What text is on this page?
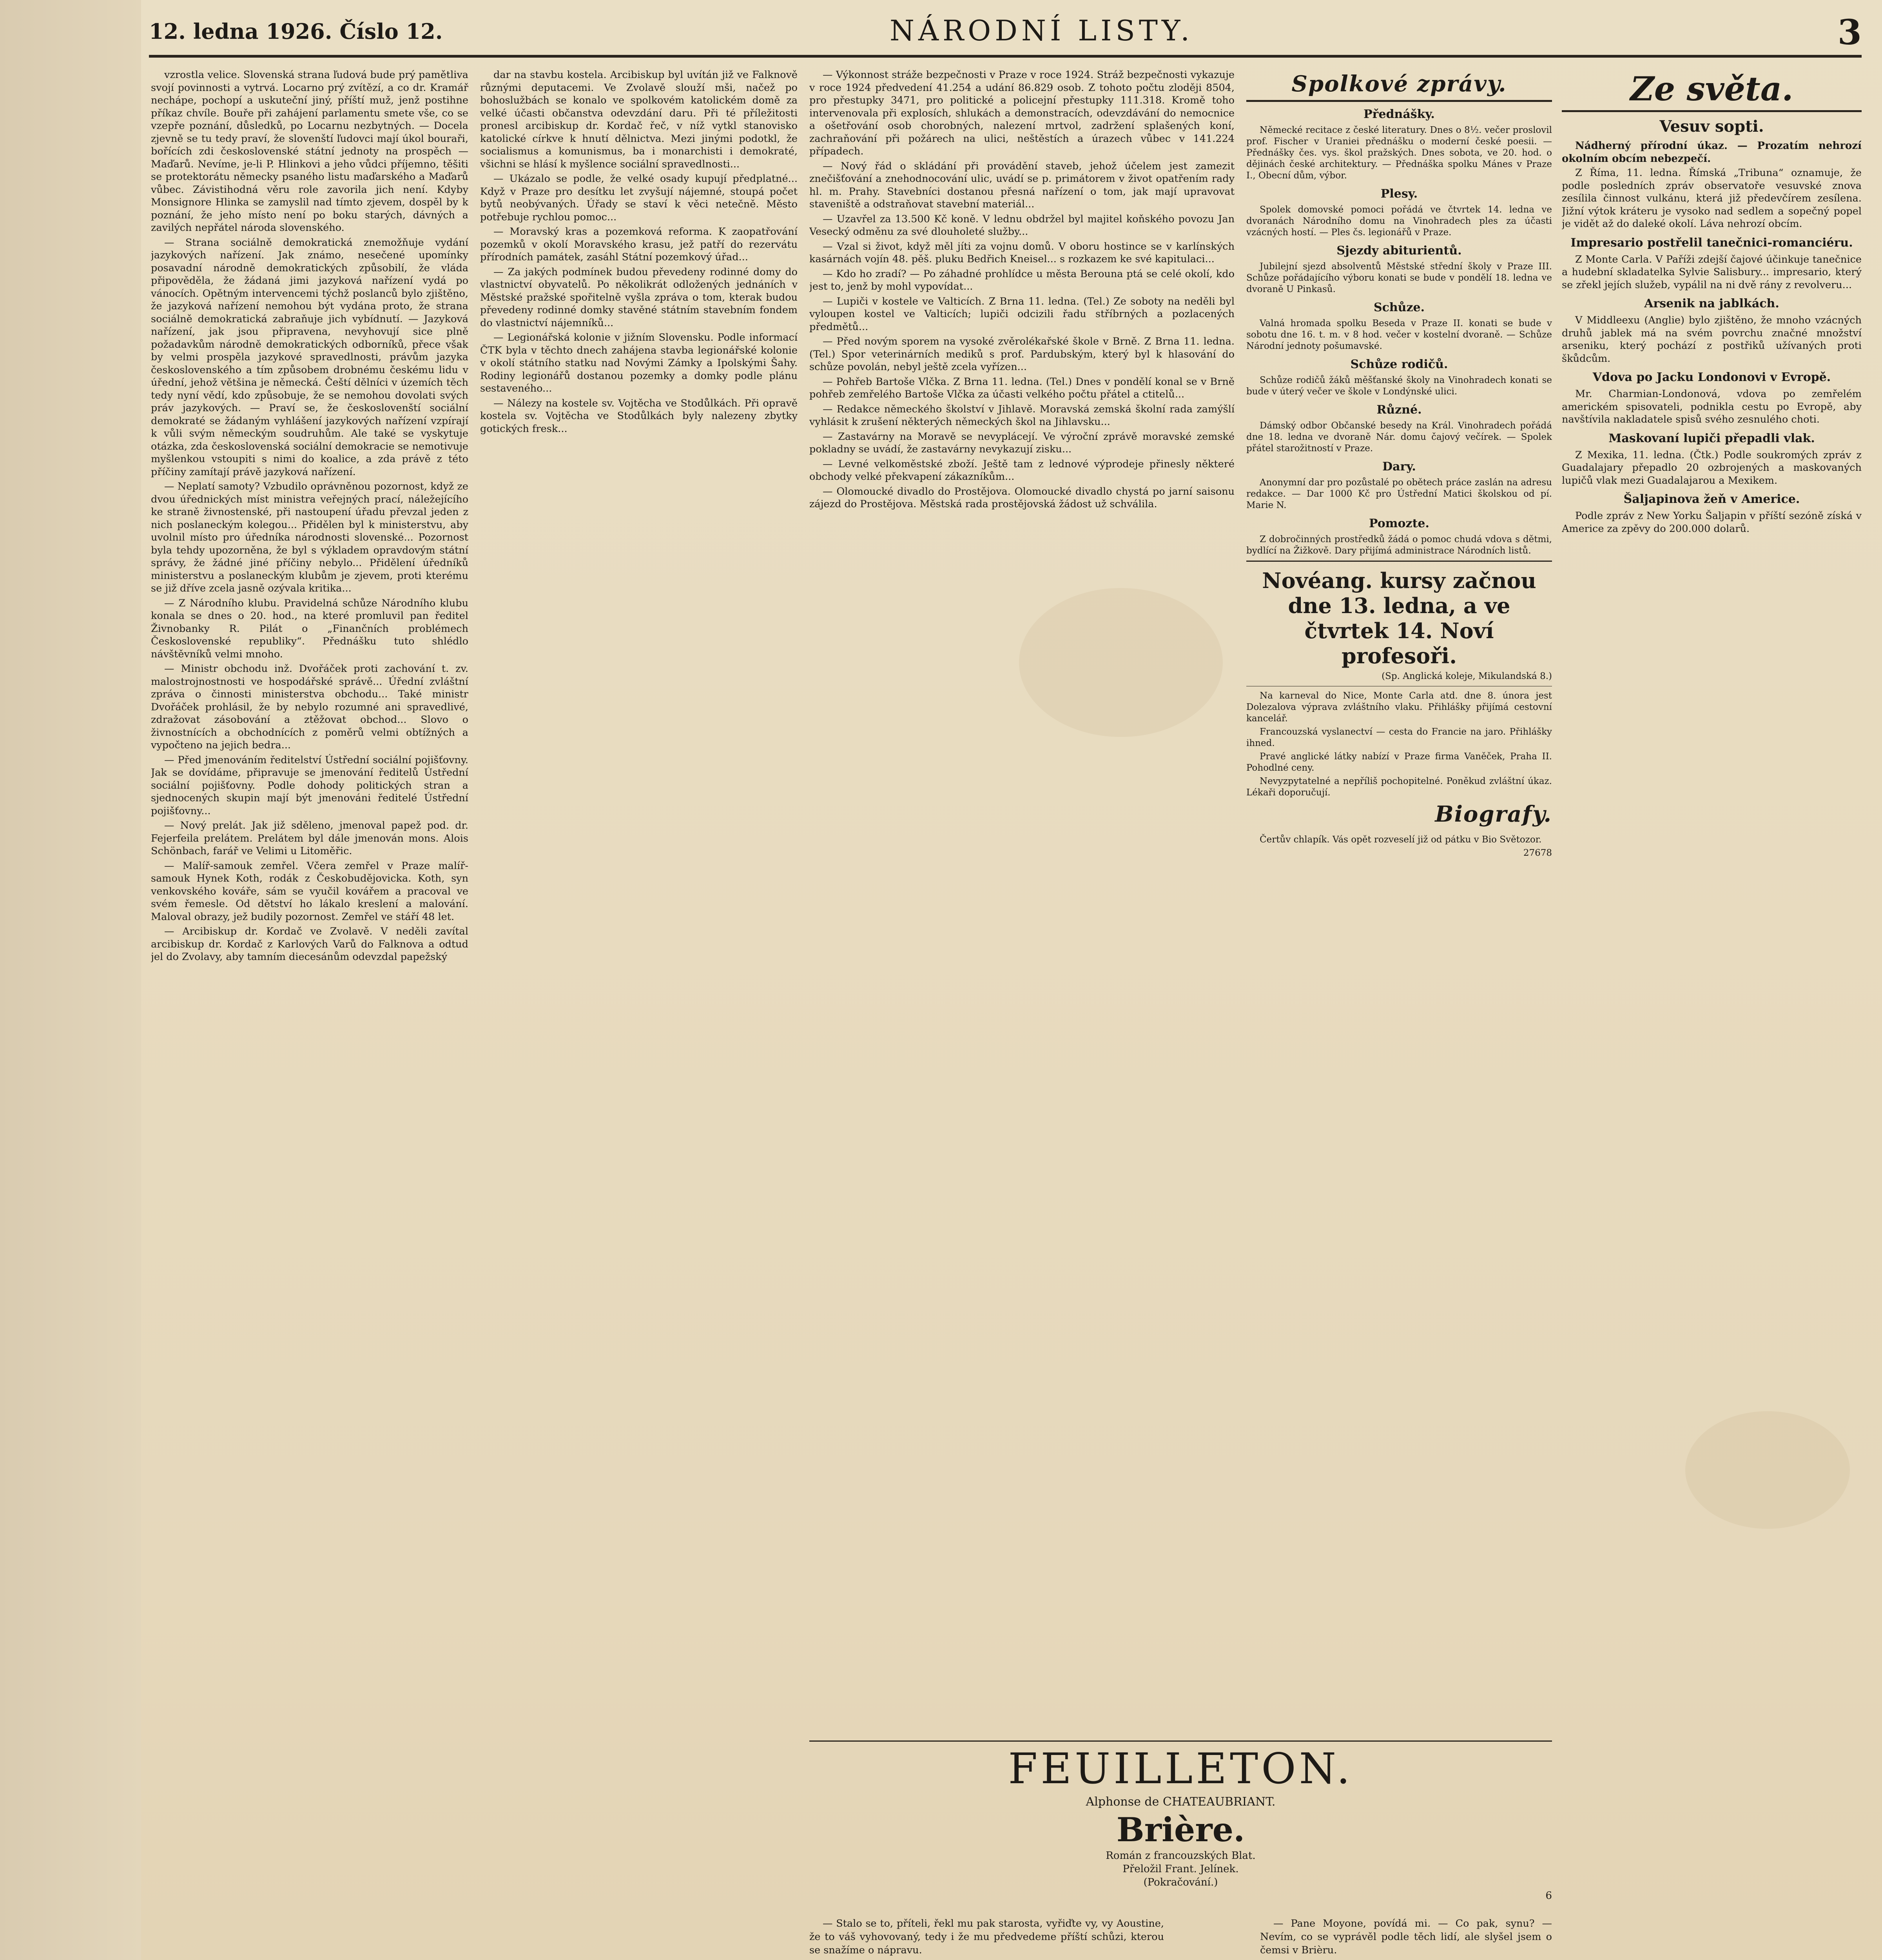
12. ledna 1926. Číslo 12.	NÁRODNÍ LISTY.	3

vzrostla velice. Slovenská strana ľudová bude prý pamětliva svojí povinnosti a vytrvá. Locarno prý zvítězí, a co dr. Kramář nechápe, pochopí a uskuteční jiný, příští muž, jenž postihne příkaz chvíle. Bouře při zahájení parlamentu smete vše, co se vzepře poznání, důsledků, po Locarnu nezbytných. — Docela zjevně se tu tedy praví, že slovenští ľudovci mají úkol bouraři, bořících zdi československé státní jednoty na prospěch — Maďarů. Nevíme, je-li P. Hlinkovi a jeho vůdci příjemno, těšiti se protektorátu německy psaného listu maďarského a Maďarů vůbec. Závistihodná věru role zavorila jich není. Kdyby Monsignore Hlinka se zamyslil nad tímto zjevem, dospěl by k poznání, že jeho místo není po boku starých, dávných a zavilých nepřátel národa slovenského.

— Strana sociálně demokratická znemožňuje vydání jazykových nařízení. Jak známo, nesečené upomínky posavadní národně demokratických způsobilí, že vláda připověděla, že žádaná jimi jazyková nařízení vydá po vánocích. Opětným intervencemi týchž poslanců bylo zjištěno, že jazyková nařízení nemohou být vydána proto, že strana sociálně demokratická zabraňuje jich vybídnutí. — Jazyková nařízení, jak jsou připravena, nevyhovují sice plně požadavkům národně demokratických odborníků, přece však by velmi prospěla jazykové spravedlnosti, právům jazyka československého a tím způsobem drobnému českému lidu v úřední, jehož většina je německá. Čeští dělníci v územích těch tedy nyní vědí, kdo způsobuje, že se nemohou dovolati svých práv jazykových. — Praví se, že českoslovenští sociální demokraté se žádaným vyhlášení jazykových nařízení vzpírají k vůli svým německým soudruhům. Ale také se vyskytuje otázka, zda československá sociální demokracie se nemotivuje myšlenkou vstoupiti s nimi do koalice, a zda právě z této příčiny zamítají právě jazyková nařízení.

— Neplatí samoty? Vzbudilo oprávněnou pozornost, když ze dvou úřednických míst ministra veřejných prací, náležejícího ke straně živnostenské, při nastoupení úřadu převzal jeden z nich poslaneckým kolegou... Přidělen byl k ministerstvu, aby uvolnil místo pro úředníka národnosti slovenské... Pozornost byla tehdy upozorněna, že byl s výkladem opravdovým státní správy, že žádné jiné příčiny nebylo... Přidělení úředníků ministerstvu a poslaneckým klubům je zjevem, proti kterému se již dříve zcela jasně ozývala kritika...

— Z Národního klubu. Pravidelná schůze Národního klubu konala se dnes o 20. hod., na které promluvil pan ředitel Živnobanky R. Pilát o „Finančních problémech Československé republiky“. Přednášku tuto shlédlo návštěvníků velmi mnoho.

— Ministr obchodu inž. Dvořáček proti zachování t. zv. malostrojnostnosti ve hospodářské správě... Úřední zvláštní zpráva o činnosti ministerstva obchodu... Také ministr Dvořáček prohlásil, že by nebylo rozumné ani spravedlivé, zdražovat zásobování a ztěžovat obchod... Slovo o živnostnících a obchodnících z poměrů velmi obtížných a vypočteno na jejich bedra...

— Před jmenováním ředitelství Ústřední sociální pojišťovny. Jak se dovídáme, připravuje se jmenování ředitelů Ústřední sociální pojišťovny. Podle dohody politických stran a sjednocených skupin mají být jmenováni ředitelé Ústřední pojišťovny...

— Nový prelát. Jak již sděleno, jmenoval papež pod. dr. Fejerfeila prelátem. Prelátem byl dále jmenován mons. Alois Schönbach, farář ve Velimi u Litoměřic.

— Malíř-samouk zemřel. Včera zemřel v Praze malíř-samouk Hynek Koth, rodák z Českobudějovicka. Koth, syn venkovského kováře, sám se vyučil kovářem a pracoval ve svém řemesle. Od dětství ho lákalo kreslení a malování. Maloval obrazy, jež budily pozornost. Zemřel ve stáří 48 let.

— Arcibiskup dr. Kordač ve Zvolavě. V neděli zavítal arcibiskup dr. Kordač z Karlových Varů do Falknova a odtud jel do Zvolavy, aby tamním diecesánům odevzdal papežský

dar na stavbu kostela. Arcibiskup byl uvítán již ve Falknově různými deputacemi. Ve Zvolavě slouží mši, načež po bohoslužbách se konalo ve spolkovém katolickém domě za velké účasti občanstva odevzdání daru. Při té příležitosti pronesl arcibiskup dr. Kordač řeč, v níž vytkl stanovisko katolické církve k hnutí dělnictva. Mezi jinými podotkl, že socialismus a komunismus, ba i monarchisti i demokraté, všichni se hlásí k myšlence sociální spravedlnosti...

— Ukázalo se podle, že velké osady kupují předplatné... Když v Praze pro desítku let zvyšují nájemné, stoupá počet bytů neobývaných. Úřady se staví k věci netečně. Město potřebuje rychlou pomoc...

— Moravský kras a pozemková reforma. K zaopatřování pozemků v okolí Moravského krasu, jež patří do rezervátu přírodních památek, zasáhl Státní pozemkový úřad...

— Za jakých podmínek budou převedeny rodinné domy do vlastnictví obyvatelů. Po několikrát odložených jednáních v Městské pražské spořitelně vyšla zpráva o tom, kterak budou převedeny rodinné domky stavěné státním stavebním fondem do vlastnictví nájemníků...

— Legionářská kolonie v jižním Slovensku. Podle informací ČTK byla v těchto dnech zahájena stavba legionářské kolonie v okolí státního statku nad Novými Zámky a Ipolskými Šahy. Rodiny legionářů dostanou pozemky a domky podle plánu sestaveného...

— Nálezy na kostele sv. Vojtěcha ve Stodůlkách. Při opravě kostela sv. Vojtěcha ve Stodůlkách byly nalezeny zbytky gotických fresk...

— Výkonnost stráže bezpečnosti v Praze v roce 1924. Stráž bezpečnosti vykazuje v roce 1924 předvedení 41.254 a udání 86.829 osob. Z tohoto počtu zloději 8504, pro přestupky 3471, pro politické a policejní přestupky 111.318. Kromě toho intervenovala při explosích, shlukách a demonstracích, odevzdávání do nemocnice a ošetřování osob chorobných, nalezení mrtvol, zadržení splašených koní, zachraňování při požárech na ulici, neštěstích a úrazech vůbec v 141.224 případech.

— Nový řád o skládání při provádění staveb, jehož účelem jest zamezit znečišťování a znehodnocování ulic, uvádí se p. primátorem v život opatřením rady hl. m. Prahy. Stavebníci dostanou přesná nařízení o tom, jak mají upravovat staveniště a odstraňovat stavební materiál...

— Uzavřel za 13.500 Kč koně. V lednu obdržel byl majitel koňského povozu Jan Vesecký odměnu za své dlouholeté služby...

— Vzal si život, když měl jíti za vojnu domů. V oboru hostince se v karlínských kasárnách vojín 48. pěš. pluku Bedřich Kneisel... s rozkazem ke své kapitulaci...

— Kdo ho zradí? — Po záhadné prohlídce u města Berouna ptá se celé okolí, kdo jest to, jenž by mohl vypovídat...

— Lupiči v kostele ve Valticích. Z Brna 11. ledna. (Tel.) Ze soboty na neděli byl vyloupen kostel ve Valticích; lupiči odcizili řadu stříbrných a pozlacených předmětů...

— Před novým sporem na vysoké zvěrolékařské škole v Brně. Z Brna 11. ledna. (Tel.) Spor veterinárních mediků s prof. Pardubským, který byl k hlasování do schůze povolán, nebyl ještě zcela vyřízen...

— Pohřeb Bartoše Vlčka. Z Brna 11. ledna. (Tel.) Dnes v pondělí konal se v Brně pohřeb zemřelého Bartoše Vlčka za účasti velkého počtu přátel a ctitelů...

— Redakce německého školství v Jihlavě. Moravská zemská školní rada zamýšlí vyhlásit k zrušení některých německých škol na Jihlavsku...

— Zastavárny na Moravě se nevyplácejí. Ve výroční zprávě moravské zemské pokladny se uvádí, že zastavárny nevykazují zisku...

— Levné velkoměstské zboží. Ještě tam z lednové výprodeje přinesly některé obchody velké překvapení zákazníkům...

— Olomoucké divadlo do Prostějova. Olomoucké divadlo chystá po jarní saisonu zájezd do Prostějova. Městská rada prostějovská žádost už schválila.

Spolkové zprávy.
Přednášky.

Německé recitace z české literatury. Dnes o 8½. večer proslovil prof. Fischer v Uraniei přednášku o moderní české poesii. — Přednášky čes. vys. škol pražských. Dnes sobota, ve 20. hod. o dějinách české architektury. — Přednáška spolku Mánes v Praze I., Obecní dům, výbor.

Plesy.

Spolek domovské pomoci pořádá ve čtvrtek 14. ledna ve dvoranách Národního domu na Vinohradech ples za účasti vzácných hostí. — Ples čs. legionářů v Praze.

Sjezdy abiturientů.

Jubilejní sjezd absolventů Městské střední školy v Praze III. Schůze pořádajícího výboru konati se bude v pondělí 18. ledna ve dvoraně U Pinkasů.

Schůze.

Valná hromada spolku Beseda v Praze II. konati se bude v sobotu dne 16. t. m. v 8 hod. večer v kostelní dvoraně. — Schůze Národní jednoty pošumavské.

Schůze rodičů.

Schůze rodičů žáků měšťanské školy na Vinohradech konati se bude v úterý večer ve škole v Londýnské ulici.

Různé.

Dámský odbor Občanské besedy na Král. Vinohradech pořádá dne 18. ledna ve dvoraně Nár. domu čajový večírek. — Spolek přátel starožitností v Praze.

Dary.

Anonymní dar pro pozůstalé po obětech práce zaslán na adresu redakce. — Dar 1000 Kč pro Ústřední Matici školskou od pí. Marie N.

Pomozte.

Z dobročinných prostředků žádá o pomoc chudá vdova s dětmi, bydlící na Žižkově. Dary přijímá administrace Národních listů.

Novéang. kursy začnou dne 13. ledna, a ve čtvrtek 14. Noví profesoři.

(Sp. Anglická koleje, Mikulandská 8.)

Na karneval do Nice, Monte Carla atd. dne 8. února jest Dolezalova výprava zvláštního vlaku. Přihlášky přijímá cestovní kancelář.

Francouzská vyslanectví — cesta do Francie na jaro. Přihlášky ihned.

Pravé anglické látky nabízí v Praze firma Vaněček, Praha II. Pohodlné ceny.

Nevyzpytatelné a nepříliš pochopitelné. Poněkud zvláštní úkaz. Lékaři doporučují.

Biografy.

Čertův chlapík. Vás opět rozveselí již od pátku v Bio Světozor.

27678

Ze světa.
Vesuv sopti.
Nádherný přírodní úkaz. — Prozatím nehrozí okolním obcím nebezpečí.

Z Říma, 11. ledna. Římská „Tribuna“ oznamuje, že podle posledních zpráv observatoře vesuvské znova zesílila činnost vulkánu, která již předevčírem zesílena. Jižní výtok kráteru je vysoko nad sedlem a sopečný popel je vidět až do daleké okolí. Láva nehrozí obcím.

Impresario postřelil tanečnici-romanciéru.

Z Monte Carla. V Paříži zdejší čajové účinkuje tanečnice a hudební skladatelka Sylvie Salisbury... impresario, který se zřekl jejích služeb, vypálil na ni dvě rány z revolveru...

Arsenik na jablkách.

V Middleexu (Anglie) bylo zjištěno, že mnoho vzácných druhů jablek má na svém povrchu značné množství arseniku, který pochází z postřiků užívaných proti škůdcům.

Vdova po Jacku Londonovi v Evropě.

Mr. Charmian-Londonová, vdova po zemřelém americkém spisovateli, podnikla cestu po Evropě, aby navštívila nakladatele spisů svého zesnulého choti.

Maskovaní lupiči přepadli vlak.

Z Mexika, 11. ledna. (Čtk.) Podle soukromých zpráv z Guadalajary přepadlo 20 ozbrojených a maskovaných lupičů vlak mezi Guadalajarou a Mexikem.

Šaljapinova žeň v Americe.

Podle zpráv z New Yorku Šaljapin v příští sezóně získá v Americe za zpěvy do 200.000 dolarů.

FEUILLETON.
Alphonse de CHATEAUBRIANT.
Brière.
Román z francouzských Blat.
Přeložil Frant. Jelínek.
(Pokračování.)
6

— Stalo se to, příteli, řekl mu pak starosta, vyřiďte vy, vy Aoustine, že to váš vyhovovaný, tedy i že mu předvedeme příští schůzi, kterou se snažíme o nápravu.

— Pane Moyone, povídá mi. — Co pak, synu? — Nevím, co se vyprávěl podle těch lidí, ale slyšel jsem o čemsi v Brièru.
